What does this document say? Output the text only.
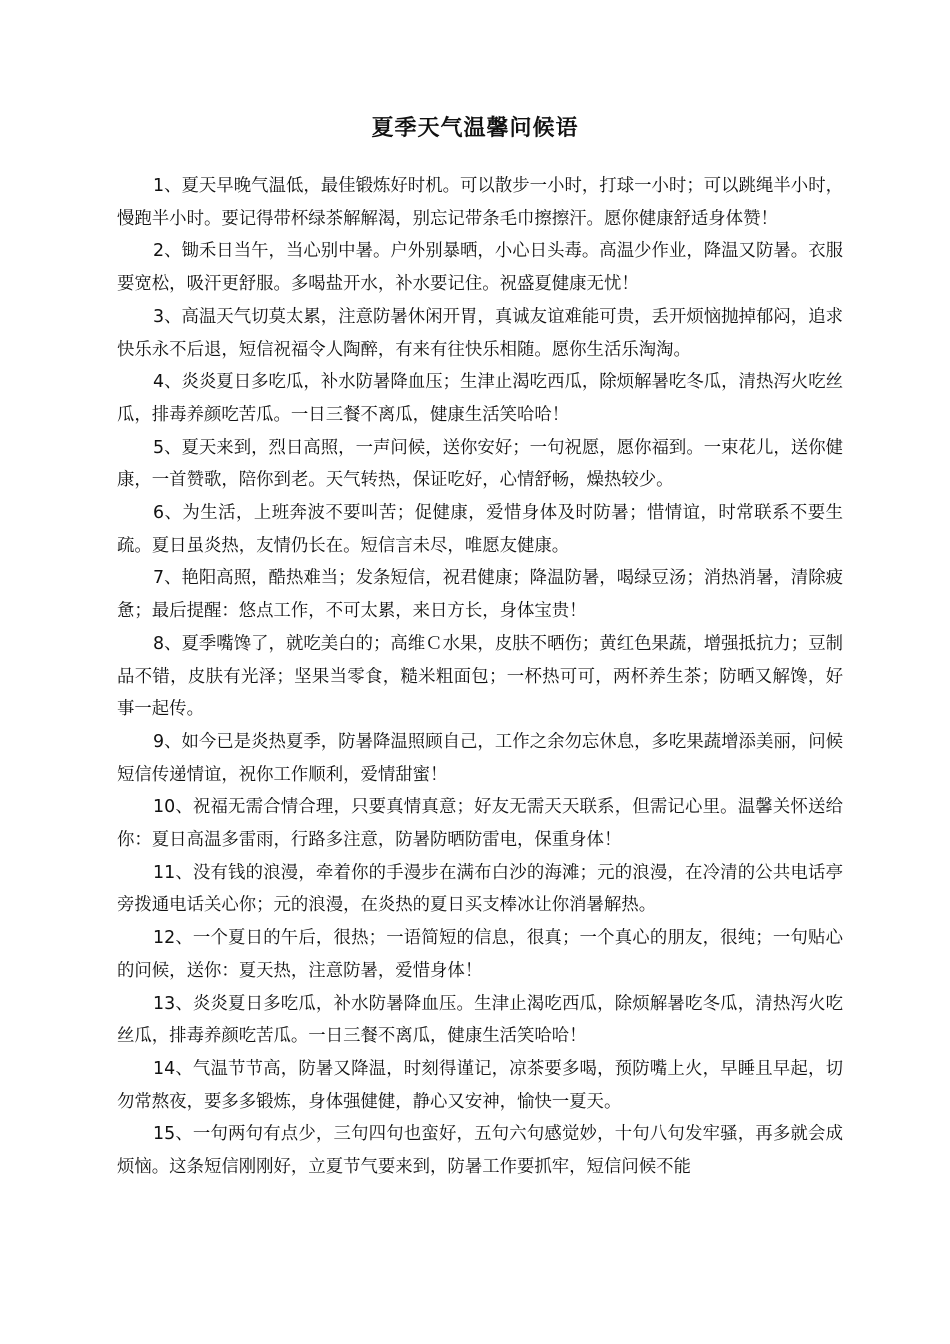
夏季天气温馨问候语

1、夏天早晚气温低，最佳锻炼好时机。可以散步一小时，打球一小时；可以跳绳半小时，慢跑半小时。要记得带杯绿茶解解渴，别忘记带条毛巾擦擦汗。愿你健康舒适身体赞！

2、锄禾日当午，当心别中暑。户外别暴晒，小心日头毒。高温少作业，降温又防暑。衣服要宽松，吸汗更舒服。多喝盐开水，补水要记住。祝盛夏健康无忧！

3、高温天气切莫太累，注意防暑休闲开胃，真诚友谊难能可贵，丢开烦恼抛掉郁闷，追求快乐永不后退，短信祝福令人陶醉，有来有往快乐相随。愿你生活乐淘淘。

4、炎炎夏日多吃瓜，补水防暑降血压；生津止渴吃西瓜，除烦解暑吃冬瓜，清热泻火吃丝瓜，排毒养颜吃苦瓜。一日三餐不离瓜，健康生活笑哈哈！

5、夏天来到，烈日高照，一声问候，送你安好；一句祝愿，愿你福到。一束花儿，送你健康，一首赞歌，陪你到老。天气转热，保证吃好，心情舒畅，燥热较少。

6、为生活，上班奔波不要叫苦；促健康，爱惜身体及时防暑；惜情谊，时常联系不要生疏。夏日虽炎热，友情仍长在。短信言未尽，唯愿友健康。

7、艳阳高照，酷热难当；发条短信，祝君健康；降温防暑，喝绿豆汤；消热消暑，清除疲惫；最后提醒：悠点工作，不可太累，来日方长，身体宝贵！

8、夏季嘴馋了，就吃美白的；高维Ｃ水果，皮肤不晒伤；黄红色果蔬，增强抵抗力；豆制品不错，皮肤有光泽；坚果当零食，糙米粗面包；一杯热可可，两杯养生茶；防晒又解馋，好事一起传。

9、如今已是炎热夏季，防暑降温照顾自己，工作之余勿忘休息，多吃果蔬增添美丽，问候短信传递情谊，祝你工作顺利，爱情甜蜜！

10、祝福无需合情合理，只要真情真意；好友无需天天联系，但需记心里。温馨关怀送给你：夏日高温多雷雨，行路多注意，防暑防晒防雷电，保重身体！

11、没有钱的浪漫，牵着你的手漫步在满布白沙的海滩；元的浪漫，在冷清的公共电话亭旁拨通电话关心你；元的浪漫，在炎热的夏日买支棒冰让你消暑解热。

12、一个夏日的午后，很热；一语简短的信息，很真；一个真心的朋友，很纯；一句贴心的问候，送你：夏天热，注意防暑，爱惜身体！

13、炎炎夏日多吃瓜，补水防暑降血压。生津止渴吃西瓜，除烦解暑吃冬瓜，清热泻火吃丝瓜，排毒养颜吃苦瓜。一日三餐不离瓜，健康生活笑哈哈！

14、气温节节高，防暑又降温，时刻得谨记，凉茶要多喝，预防嘴上火，早睡且早起，切勿常熬夜，要多多锻炼，身体强健健，静心又安神，愉快一夏天。

15、一句两句有点少，三句四句也蛮好，五句六句感觉妙，十句八句发牢骚，再多就会成烦恼。这条短信刚刚好，立夏节气要来到，防暑工作要抓牢，短信问候不能
